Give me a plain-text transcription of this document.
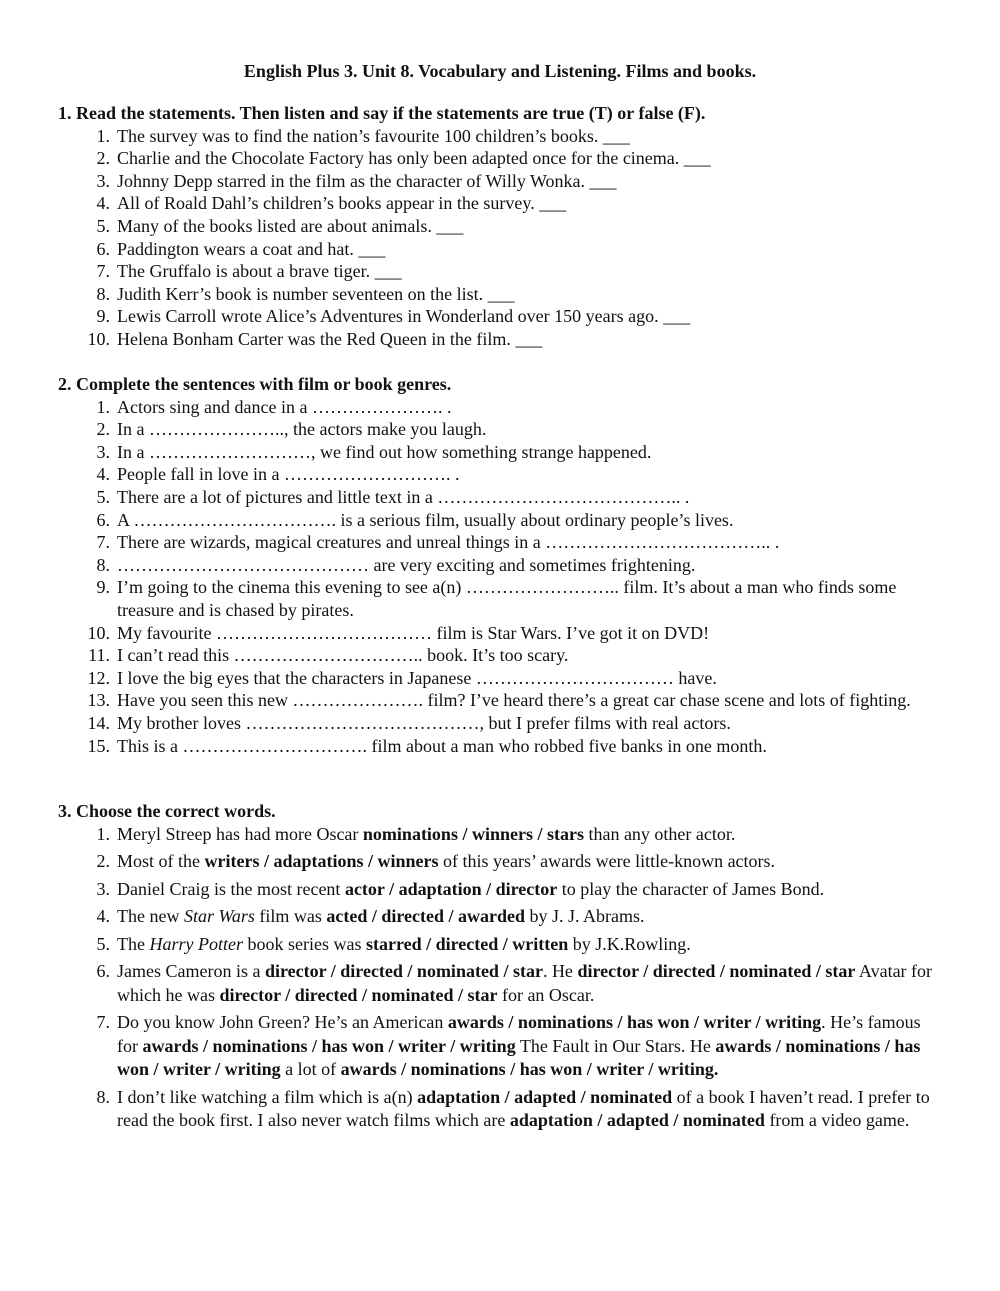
English Plus 3. Unit 8. Vocabulary and Listening. Films and books.
1. Read the statements. Then listen and say if the statements are true (T) or false (F).
1. The survey was to find the nation’s favourite 100 children’s books. ___
2. Charlie and the Chocolate Factory has only been adapted once for the cinema. ___
3. Johnny Depp starred in the film as the character of Willy Wonka. ___
4. All of Roald Dahl’s children’s books appear in the survey. ___
5. Many of the books listed are about animals. ___
6. Paddington wears a coat and hat. ___
7. The Gruffalo is about a brave tiger. ___
8. Judith Kerr’s book is number seventeen on the list. ___
9. Lewis Carroll wrote Alice’s Adventures in Wonderland over 150 years ago. ___
10. Helena Bonham Carter was the Red Queen in the film. ___
2. Complete the sentences with film or book genres.
1. Actors sing and dance in a …………………. .
2. In a ………………….., the actors make you laugh.
3. In a ………………………, we find out how something strange happened.
4. People fall in love in a ………………………. .
5. There are a lot of pictures and little text in a ………………………………….. .
6. A ……………………………. is a serious film, usually about ordinary people’s lives.
7. There are wizards, magical creatures and unreal things in a ……………………………….. .
8. …………………………………… are very exciting and sometimes frightening.
9. I’m going to the cinema this evening to see a(n) …………………….. film. It’s about a man who finds some treasure and is chased by pirates.
10. My favourite ……………………………… film is Star Wars. I’ve got it on DVD!
11. I can’t read this ………………………….. book. It’s too scary.
12. I love the big eyes that the characters in Japanese …………………………… have.
13. Have you seen this new …………………. film? I’ve heard there’s a great car chase scene and lots of fighting.
14. My brother loves …………………………………, but I prefer films with real actors.
15. This is a …………………………. film about a man who robbed five banks in one month.
3. Choose the correct words.
1. Meryl Streep has had more Oscar nominations / winners / stars than any other actor.
2. Most of the writers / adaptations / winners of this years’ awards were little-known actors.
3. Daniel Craig is the most recent actor / adaptation / director to play the character of James Bond.
4. The new Star Wars film was acted / directed / awarded by J. J. Abrams.
5. The Harry Potter book series was starred / directed / written by J.K.Rowling.
6. James Cameron is a director / directed / nominated / star. He director / directed / nominated / star Avatar for which he was director / directed / nominated / star for an Oscar.
7. Do you know John Green? He’s an American awards / nominations / has won / writer / writing. He’s famous for awards / nominations / has won / writer / writing The Fault in Our Stars. He awards / nominations / has won / writer / writing a lot of awards / nominations / has won / writer / writing.
8. I don’t like watching a film which is a(n) adaptation / adapted / nominated of a book I haven’t read. I prefer to read the book first. I also never watch films which are adaptation / adapted / nominated from a video game.
